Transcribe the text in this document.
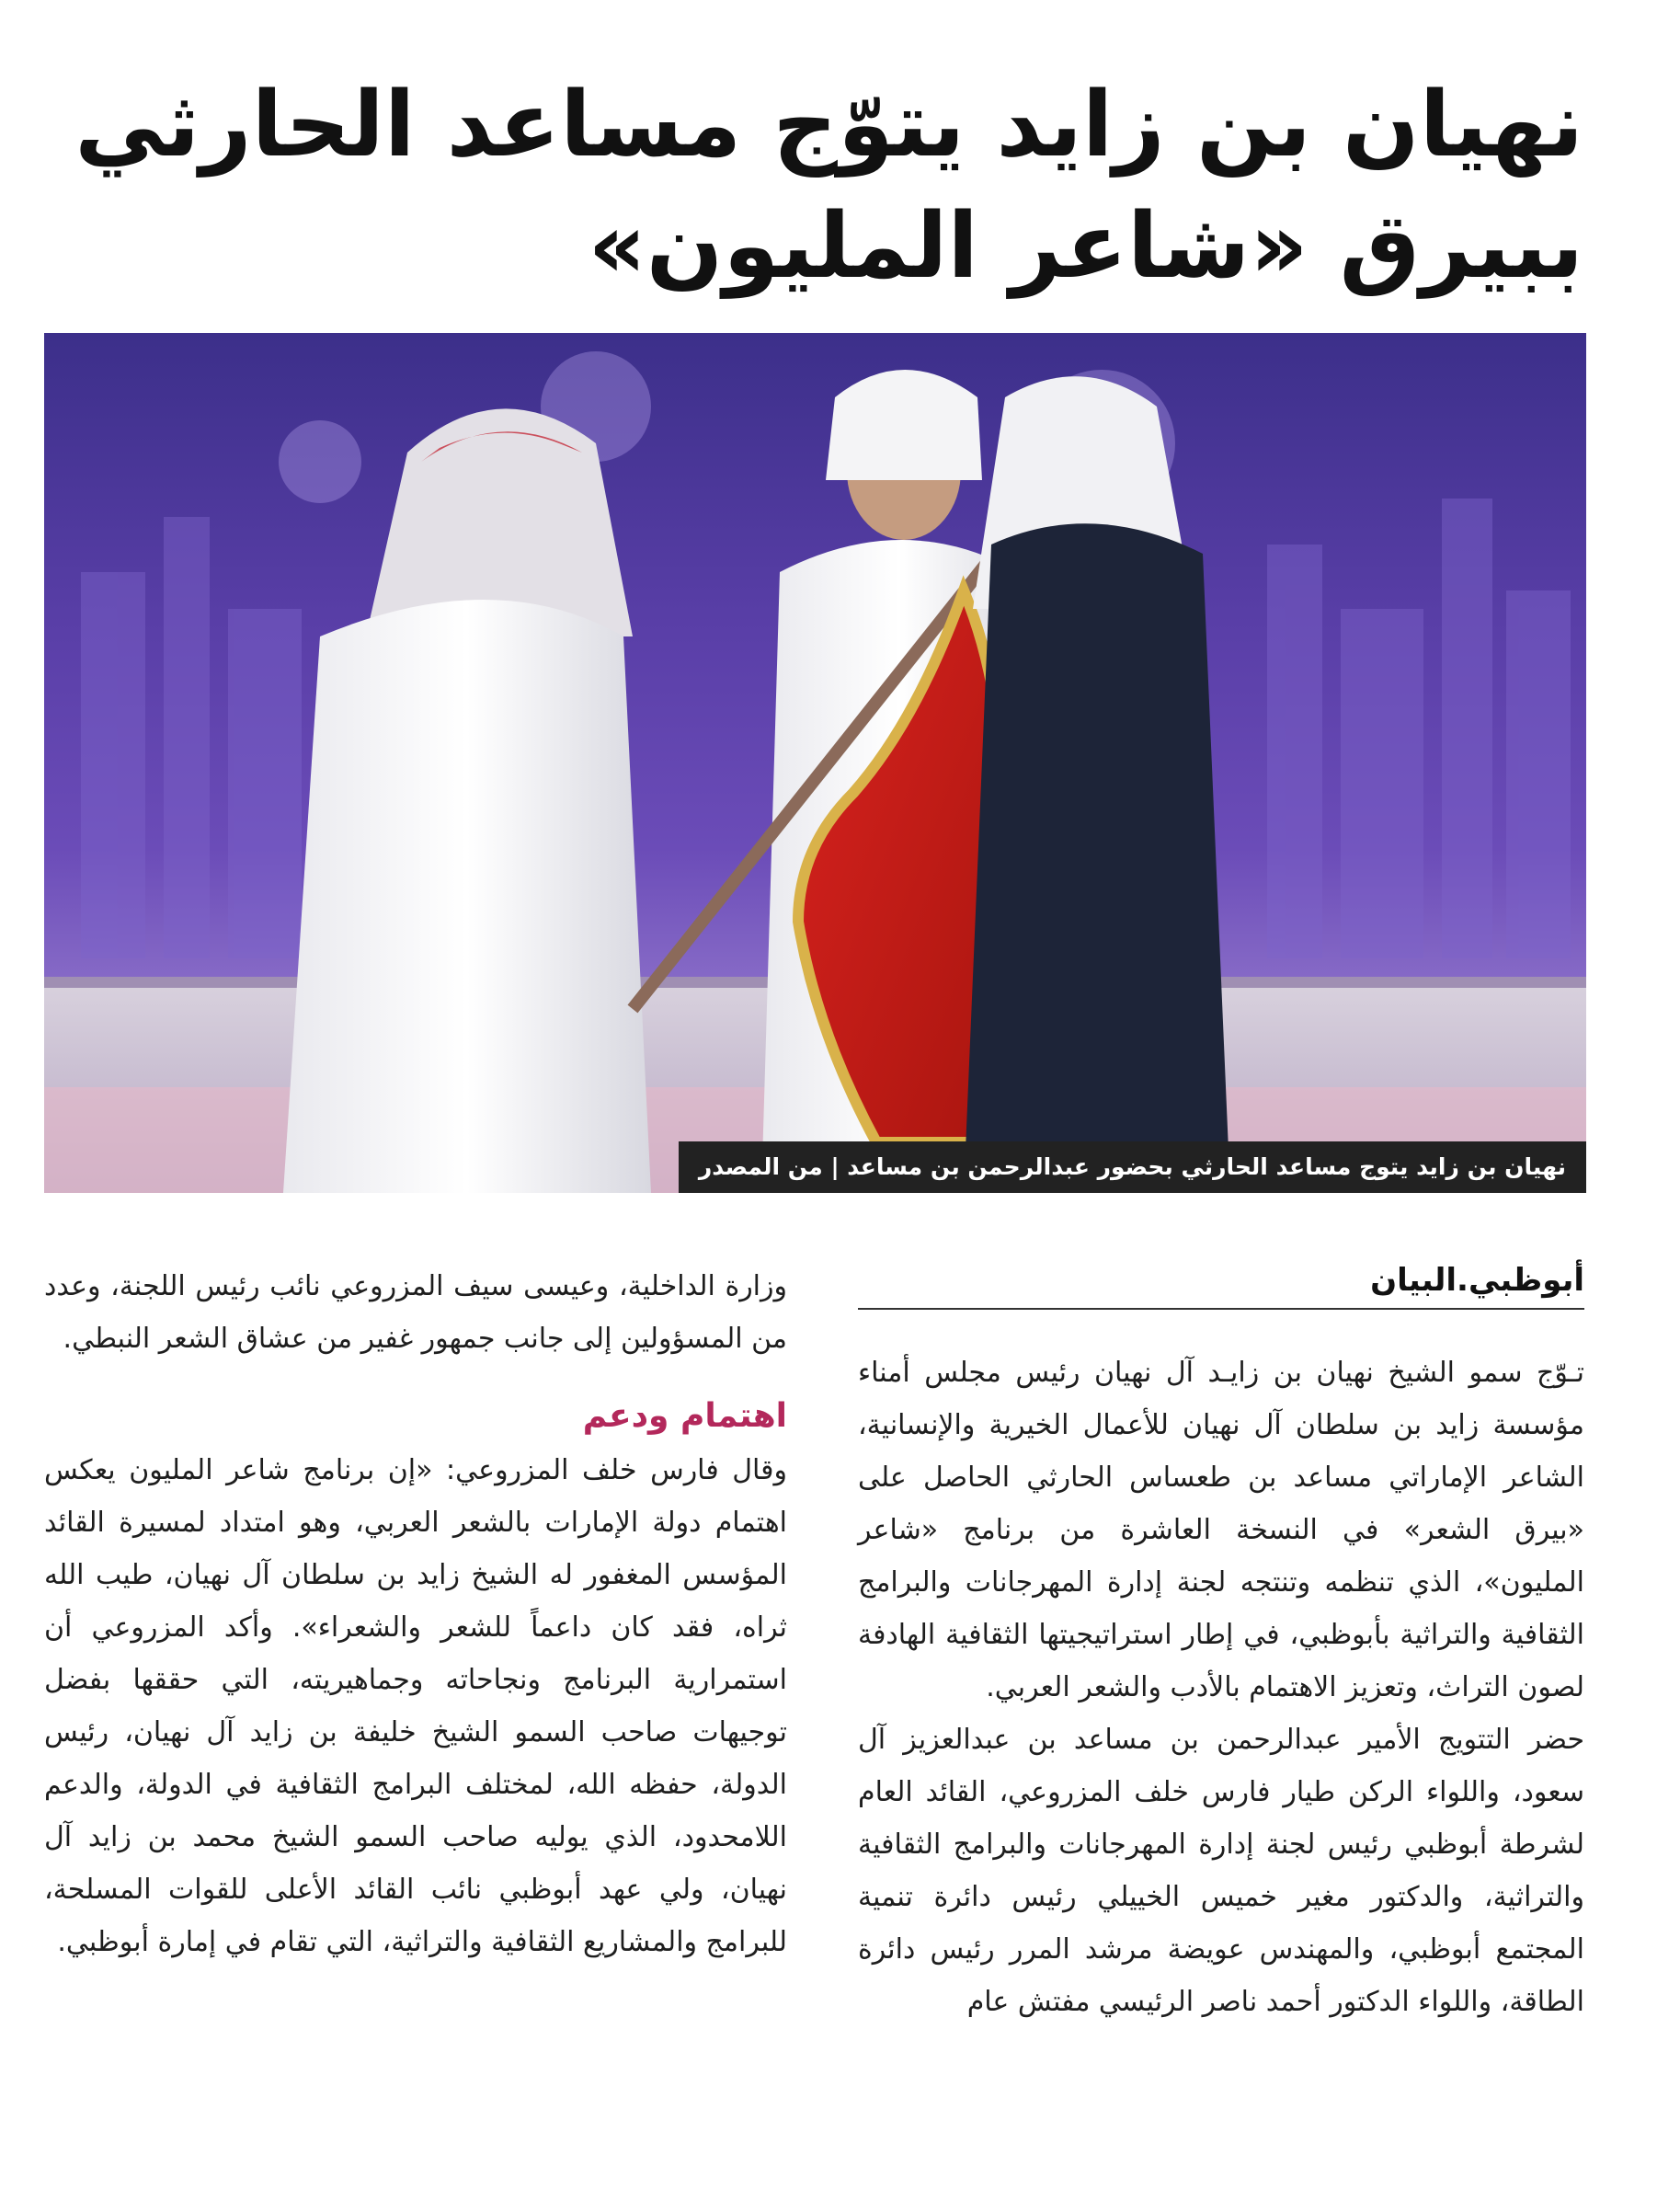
نهيان بن زايد يتوّج مساعد الحارثي
ببيرق «شاعر المليون»
نهيان بن زايد يتوج مساعد الحارثي بحضور عبدالرحمن بن مساعد | من المصدر
أبوظبي.البيان

تـوّج سمو الشيخ نهيان بن زايـد آل نهيان رئيس مجلس أمناء مؤسسة زايد بن سلطان آل نهيان للأعمال الخيرية والإنسانية، الشاعر الإماراتي مساعد بن طعساس الحارثي الحاصل على «بيرق الشعر» في النسخة العاشرة من برنامج «شاعر المليون»، الذي تنظمه وتنتجه لجنة إدارة المهرجانات والبرامج الثقافية والتراثية بأبوظبي، في إطار استراتيجيتها الثقافية الهادفة لصون التراث، وتعزيز الاهتمام بالأدب والشعر العربي.

حضر التتويج الأمير عبدالرحمن بن مساعد بن عبدالعزيز آل سعود، واللواء الركن طيار فارس خلف المزروعي، القائد العام لشرطة أبوظبي رئيس لجنة إدارة المهرجانات والبرامج الثقافية والتراثية، والدكتور مغير خميس الخييلي رئيس دائرة تنمية المجتمع أبوظبي، والمهندس عويضة مرشد المرر رئيس دائرة الطاقة، واللواء الدكتور أحمد ناصر الرئيسي مفتش عام

وزارة الداخلية، وعيسى سيف المزروعي نائب رئيس اللجنة، وعدد من المسؤولين إلى جانب جمهور غفير من عشاق الشعر النبطي.

اهتمام ودعم

وقال فارس خلف المزروعي: «إن برنامج شاعر المليون يعكس اهتمام دولة الإمارات بالشعر العربي، وهو امتداد لمسيرة القائد المؤسس المغفور له الشيخ زايد بن سلطان آل نهيان، طيب الله ثراه، فقد كان داعماً للشعر والشعراء». وأكد المزروعي أن استمرارية البرنامج ونجاحاته وجماهيريته، التي حققها بفضل توجيهات صاحب السمو الشيخ خليفة بن زايد آل نهيان، رئيس الدولة، حفظه الله، لمختلف البرامج الثقافية في الدولة، والدعم اللامحدود، الذي يوليه صاحب السمو الشيخ محمد بن زايد آل نهيان، ولي عهد أبوظبي نائب القائد الأعلى للقوات المسلحة، للبرامج والمشاريع الثقافية والتراثية، التي تقام في إمارة أبوظبي.
